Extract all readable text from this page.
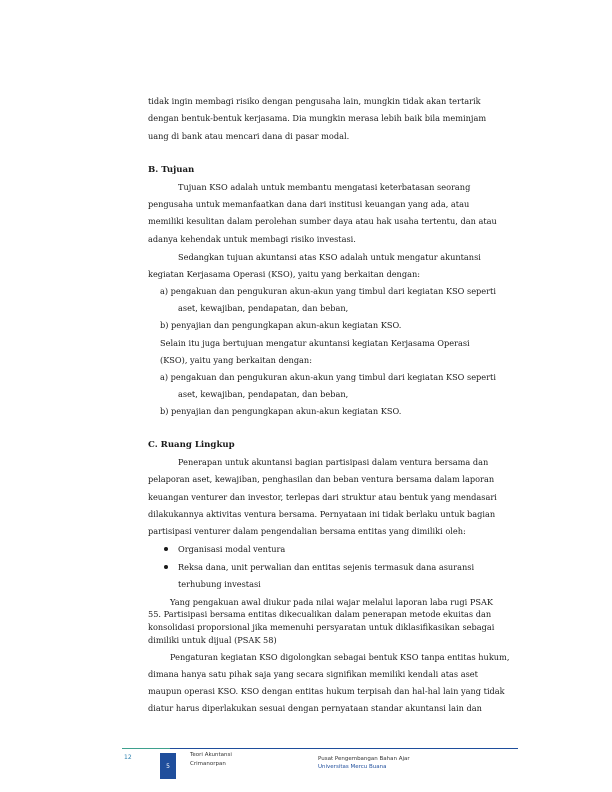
tidak ingin membagi risiko dengan pengusaha lain, mungkin tidak akan tertarik
dengan bentuk-bentuk kerjasama. Dia mungkin merasa lebih baik bila meminjam
uang di bank atau mencari dana di pasar modal.
B. Tujuan
Tujuan KSO adalah untuk membantu mengatasi keterbatasan seorang
pengusaha untuk memanfaatkan dana dari institusi keuangan yang ada, atau
memiliki kesulitan dalam perolehan sumber daya atau hak usaha tertentu, dan atau
adanya kehendak untuk membagi risiko investasi.
Sedangkan tujuan akuntansi atas KSO adalah untuk mengatur akuntansi
kegiatan Kerjasama Operasi (KSO), yaitu yang berkaitan dengan:
a) pengakuan dan pengukuran akun-akun yang timbul dari kegiatan KSO seperti
aset, kewajiban, pendapatan, dan beban,
b) penyajian dan pengungkapan akun-akun kegiatan KSO.
Selain itu juga bertujuan mengatur akuntansi kegiatan Kerjasama Operasi
(KSO), yaitu yang berkaitan dengan:
a) pengakuan dan pengukuran akun-akun yang timbul dari kegiatan KSO seperti
aset, kewajiban, pendapatan, dan beban,
b) penyajian dan pengungkapan akun-akun kegiatan KSO.
C. Ruang Lingkup
Penerapan untuk akuntansi bagian partisipasi dalam ventura bersama dan
pelaporan aset, kewajiban, penghasilan dan beban ventura bersama dalam laporan
keuangan venturer dan investor, terlepas dari struktur atau bentuk yang mendasari
dilakukannya aktivitas ventura bersama. Pernyataan ini tidak berlaku untuk bagian
partisipasi venturer dalam pengendalian bersama entitas yang dimiliki oleh:
Organisasi modal ventura
Reksa dana, unit perwalian dan entitas sejenis termasuk dana asuransi
terhubung investasi
Yang pengakuan awal diukur pada nilai wajar melalui laporan laba rugi PSAK
55. Partisipasi bersama entitas dikecualikan dalam penerapan metode ekuitas dan
konsolidasi proporsional jika memenuhi persyaratan untuk diklasifikasikan sebagai
dimiliki untuk dijual (PSAK 58)
12
5
Teori Akuntansi
Crimanorpan
Pusat Pengembangan Bahan Ajar
Universitas Mercu Buana
Pengaturan kegiatan KSO digolongkan sebagai bentuk KSO tanpa entitas hukum,
dimana hanya satu pihak saja yang secara signifikan memiliki kendali atas aset
maupun operasi KSO. KSO dengan entitas hukum terpisah dan hal-hal lain yang tidak
diatur harus diperlakukan sesuai dengan pernyataan standar akuntansi lain dan
